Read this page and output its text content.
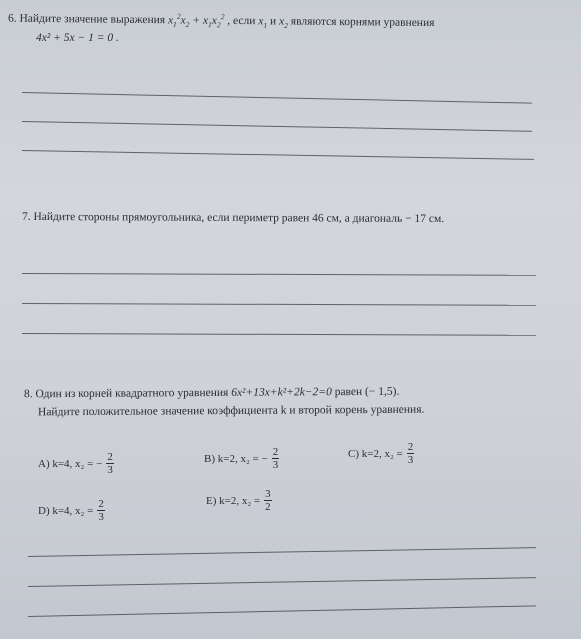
6. Найдите значение выражения $x_1^2x_2 + x_1x_2^2$ , если $x_1$ и $x_2$ являются корнями уравнения
4x² + 5x − 1 = 0 .
7. Найдите стороны прямоугольника, если периметр равен 46 см, а диагональ − 17 см.
8. Один из корней квадратного уравнения 6x²+13x+k²+2k−2=0 равен (− 1,5).
Найдите положительное значение коэффициента k и второй корень уравнения.
A) k=4, x₂ = − $\frac{2}{3}$	B) k=2, x₂ = − $\frac{2}{3}$	C) k=2, $x_2 = \frac{2}{3}$
D) k=4, $x_2 = \frac{2}{3}$	E) k=2, $x_2 = \frac{3}{2}$
